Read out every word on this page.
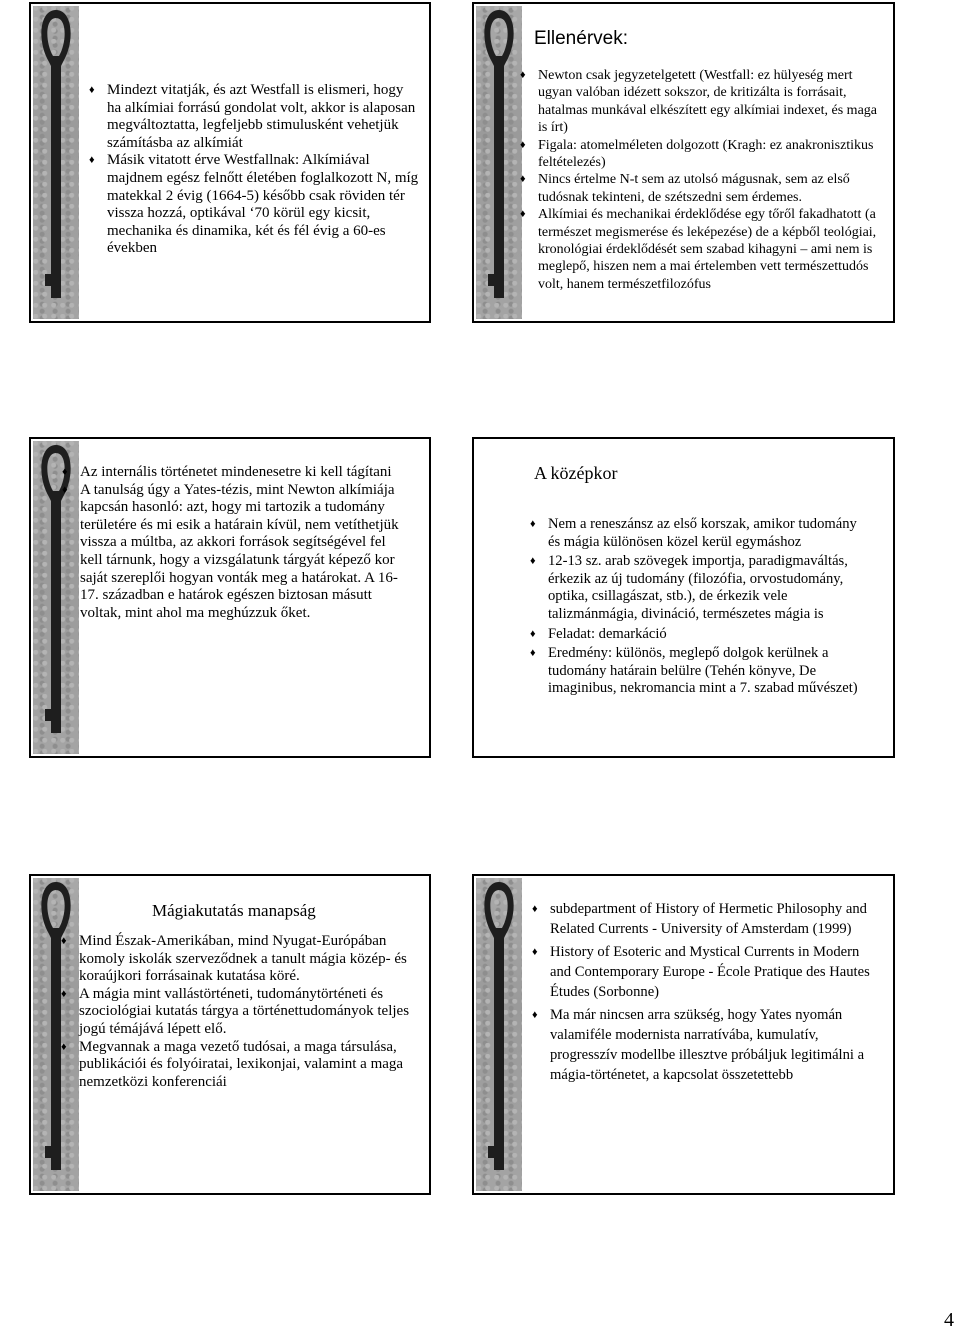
♦ Mindezt vitatják, és azt Westfall is elismeri, hogy ha alkímiai forrású gondolat volt, akkor is alaposan megváltoztatta, legfeljebb stimulusként vehetjük számításba az alkímiát
♦ Másik vitatott érve Westfallnak: Alkímiával majdnem egész felnőtt életében foglalkozott N, míg matekkal 2 évig (1664-5) később csak röviden tér vissza hozzá, optikával ‘70 körül egy kicsit, mechanika és dinamika, két és fél évig a 60-es években
Ellenérvek:
♦ Newton csak jegyzetelgetett (Westfall: ez hülyeség mert ugyan valóban idézett sokszor, de kritizálta is forrásait, hatalmas munkával elkészített egy alkímiai indexet, és maga is írt)
♦ Figala: atomelméleten dolgozott (Kragh: ez anakronisztikus feltételezés)
♦ Nincs értelme N-t sem az utolsó mágusnak, sem az első tudósnak tekinteni, de szétszedni sem érdemes.
♦ Alkímiai és mechanikai érdeklődése egy tőről fakadhatott (a természet megismerése és leképezése) de a képből teológiai, kronológiai érdeklődését sem szabad kihagyni – ami nem is meglepő, hiszen nem a mai értelemben vett természettudós volt, hanem természetfilozófus
♦ Az internális történetet mindenesetre ki kell tágítani
♦ A tanulság úgy a Yates-tézis, mint Newton alkímiája kapcsán hasonló: azt, hogy mi tartozik a tudomány területére és mi esik a határain kívül, nem vetíthetjük vissza a múltba, az akkori források segítségével fel kell tárnunk, hogy a vizsgálatunk tárgyát képező kor saját szereplői hogyan vonták meg a határokat. A 16-17. században e határok egészen biztosan másutt voltak, mint ahol ma meghúzzuk őket.
A középkor
♦ Nem a reneszánsz az első korszak, amikor tudomány és mágia különösen közel kerül egymáshoz
♦ 12-13 sz. arab szövegek importja, paradigmaváltás, érkezik az új tudomány (filozófia, orvostudomány, optika, csillagászat, stb.), de érkezik vele talizmánmágia, divináció, természetes mágia is
♦ Feladat: demarkáció
♦ Eredmény: különös, meglepő dolgok kerülnek a tudomány határain belülre (Tehén könyve, De imaginibus, nekromancia mint a 7. szabad művészet)
Mágiakutatás manapság
♦ Mind Észak-Amerikában, mind Nyugat-Európában komoly iskolák szerveződnek a tanult mágia közép- és koraújkori forrásainak kutatása köré.
♦ A mágia mint vallástörténeti, tudománytörténeti és szociológiai kutatás tárgya a történettudományok teljes jogú témájává lépett elő.
♦ Megvannak a maga vezető tudósai, a maga társulása, publikációi és folyóiratai, lexikonjai, valamint a maga nemzetközi konferenciái
♦ subdepartment of History of Hermetic Philosophy and Related Currents - University of Amsterdam (1999)
♦ History of Esoteric and Mystical Currents in Modern and Contemporary Europe - École Pratique des Hautes Études (Sorbonne)
♦ Ma már nincsen arra szükség, hogy Yates nyomán valamiféle modernista narratívába, kumulatív, progresszív modellbe illesztve próbáljuk legitimálni a mágia-történetet, a kapcsolat összetettebb
4
